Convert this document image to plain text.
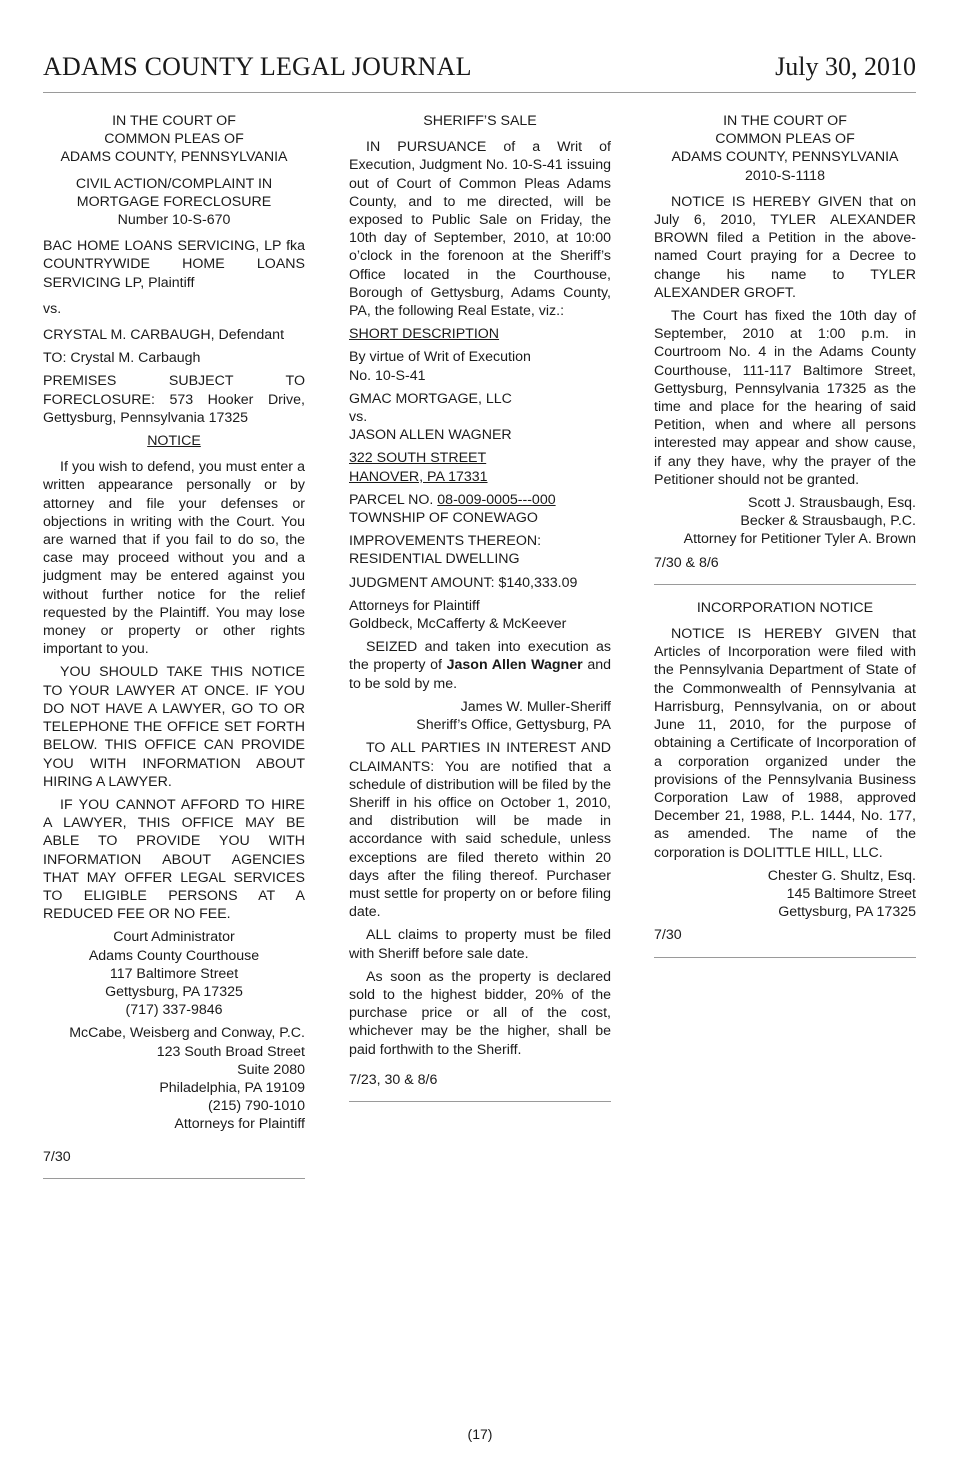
ADAMS COUNTY LEGAL JOURNAL	July 30, 2010

IN THE COURT OF
COMMON PLEAS OF
ADAMS COUNTY, PENNSYLVANIA

CIVIL ACTION/COMPLAINT IN
MORTGAGE FORECLOSURE
Number 10-S-670

BAC HOME LOANS SERVICING, LP fka COUNTRYWIDE HOME LOANS SERVICING LP, Plaintiff

vs.

CRYSTAL M. CARBAUGH, Defendant

TO: Crystal M. Carbaugh

PREMISES SUBJECT TO FORECLOSURE: 573 Hooker Drive, Gettysburg, Pennsylvania 17325

NOTICE

If you wish to defend, you must enter a written appearance personally or by attorney and file your defenses or objections in writing with the Court. You are warned that if you fail to do so, the case may proceed without you and a judgment may be entered against you without further notice for the relief requested by the Plaintiff. You may lose money or property or other rights important to you.

YOU SHOULD TAKE THIS NOTICE TO YOUR LAWYER AT ONCE. IF YOU DO NOT HAVE A LAWYER, GO TO OR TELEPHONE THE OFFICE SET FORTH BELOW. THIS OFFICE CAN PROVIDE YOU WITH INFORMATION ABOUT HIRING A LAWYER.

IF YOU CANNOT AFFORD TO HIRE A LAWYER, THIS OFFICE MAY BE ABLE TO PROVIDE YOU WITH INFORMATION ABOUT AGENCIES THAT MAY OFFER LEGAL SERVICES TO ELIGIBLE PERSONS AT A REDUCED FEE OR NO FEE.

Court Administrator
Adams County Courthouse
117 Baltimore Street
Gettysburg, PA 17325
(717) 337-9846

McCabe, Weisberg and Conway, P.C.
123 South Broad Street
Suite 2080
Philadelphia, PA 19109
(215) 790-1010
Attorneys for Plaintiff

7/30

SHERIFF’S SALE

IN PURSUANCE of a Writ of Execution, Judgment No. 10-S-41 issuing out of Court of Common Pleas Adams County, and to me directed, will be exposed to Public Sale on Friday, the 10th day of September, 2010, at 10:00 o’clock in the forenoon at the Sheriff’s Office located in the Courthouse, Borough of Gettysburg, Adams County, PA, the following Real Estate, viz.:

SHORT DESCRIPTION

By virtue of Writ of Execution
No. 10-S-41

GMAC MORTGAGE, LLC
vs.
JASON ALLEN WAGNER

322 SOUTH STREET
HANOVER, PA 17331

PARCEL NO. 08-009-0005---000
TOWNSHIP OF CONEWAGO

IMPROVEMENTS THEREON:
RESIDENTIAL DWELLING

JUDGMENT AMOUNT: $140,333.09

Attorneys for Plaintiff
Goldbeck, McCafferty & McKeever

SEIZED and taken into execution as the property of Jason Allen Wagner and to be sold by me.

James W. Muller-Sheriff
Sheriff’s Office, Gettysburg, PA

TO ALL PARTIES IN INTEREST AND CLAIMANTS: You are notified that a schedule of distribution will be filed by the Sheriff in his office on October 1, 2010, and distribution will be made in accordance with said schedule, unless exceptions are filed thereto within 20 days after the filing thereof. Purchaser must settle for property on or before filing date.

ALL claims to property must be filed with Sheriff before sale date.

As soon as the property is declared sold to the highest bidder, 20% of the purchase price or all of the cost, whichever may be the higher, shall be paid forthwith to the Sheriff.

7/23, 30 & 8/6

IN THE COURT OF
COMMON PLEAS OF
ADAMS COUNTY, PENNSYLVANIA
2010-S-1118

NOTICE IS HEREBY GIVEN that on July 6, 2010, TYLER ALEXANDER BROWN filed a Petition in the above-named Court praying for a Decree to change his name to TYLER ALEXANDER GROFT.

The Court has fixed the 10th day of September, 2010 at 1:00 p.m. in Courtroom No. 4 in the Adams County Courthouse, 111-117 Baltimore Street, Gettysburg, Pennsylvania 17325 as the time and place for the hearing of said Petition, when and where all persons interested may appear and show cause, if any they have, why the prayer of the Petitioner should not be granted.

Scott J. Strausbaugh, Esq.
Becker & Strausbaugh, P.C.
Attorney for Petitioner Tyler A. Brown

7/30 & 8/6

INCORPORATION NOTICE

NOTICE IS HEREBY GIVEN that Articles of Incorporation were filed with the Pennsylvania Department of State of the Commonwealth of Pennsylvania at Harrisburg, Pennsylvania, on or about June 11, 2010, for the purpose of obtaining a Certificate of Incorporation of a corporation organized under the provisions of the Pennsylvania Business Corporation Law of 1988, approved December 21, 1988, P.L. 1444, No. 177, as amended. The name of the corporation is DOLITTLE HILL, LLC.

Chester G. Shultz, Esq.
145 Baltimore Street
Gettysburg, PA 17325

7/30

(17)
